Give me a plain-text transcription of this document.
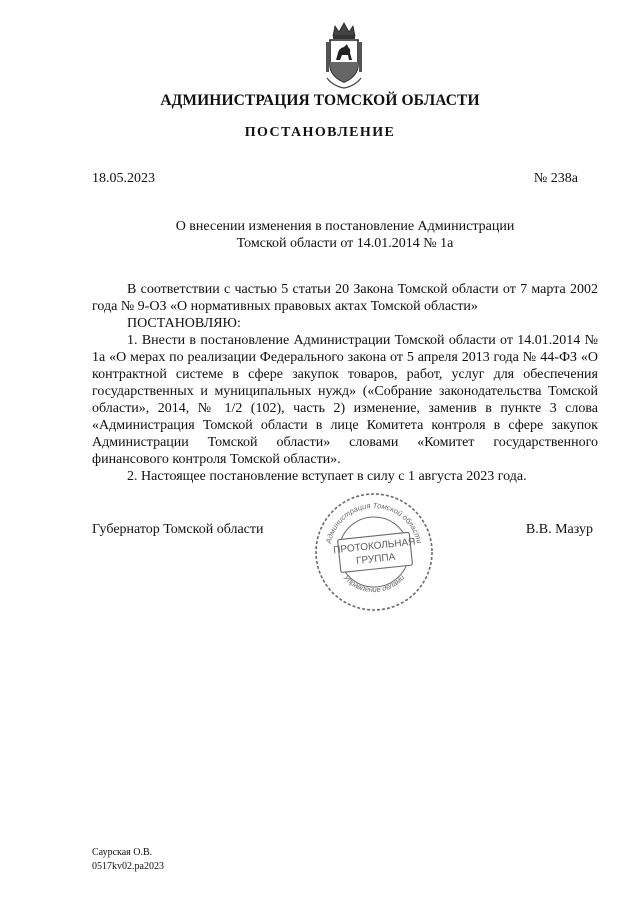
АДМИНИСТРАЦИЯ ТОМСКОЙ ОБЛАСТИ
ПОСТАНОВЛЕНИЕ
18.05.2023	№ 238а
О внесении изменения в постановление Администрации
Томской области от 14.01.2014 № 1а

В соответствии с частью 5 статьи 20 Закона Томской области от 7 марта 2002 года № 9-ОЗ «О нормативных правовых актах Томской области»

ПОСТАНОВЛЯЮ:

1. Внести в постановление Администрации Томской области от 14.01.2014 № 1а «О мерах по реализации Федерального закона от 5 апреля 2013 года № 44-ФЗ «О контрактной системе в сфере закупок товаров, работ, услуг для обеспечения государственных и муниципальных нужд» («Собрание законодательства Томской области», 2014, № 1/2 (102), часть 2) изменение, заменив в пункте 3 слова «Администрация Томской области в лице Комитета контроля в сфере закупок Администрации Томской области» словами «Комитет государственного финансового контроля Томской области».

2. Настоящее постановление вступает в силу с 1 августа 2023 года.

Губернатор Томской области	В.В. Мазур
Администрация Томской области
Управление делами
ПРОТОКОЛЬНАЯ
ГРУППА
Саурская О.В.
0517kv02.pa2023
